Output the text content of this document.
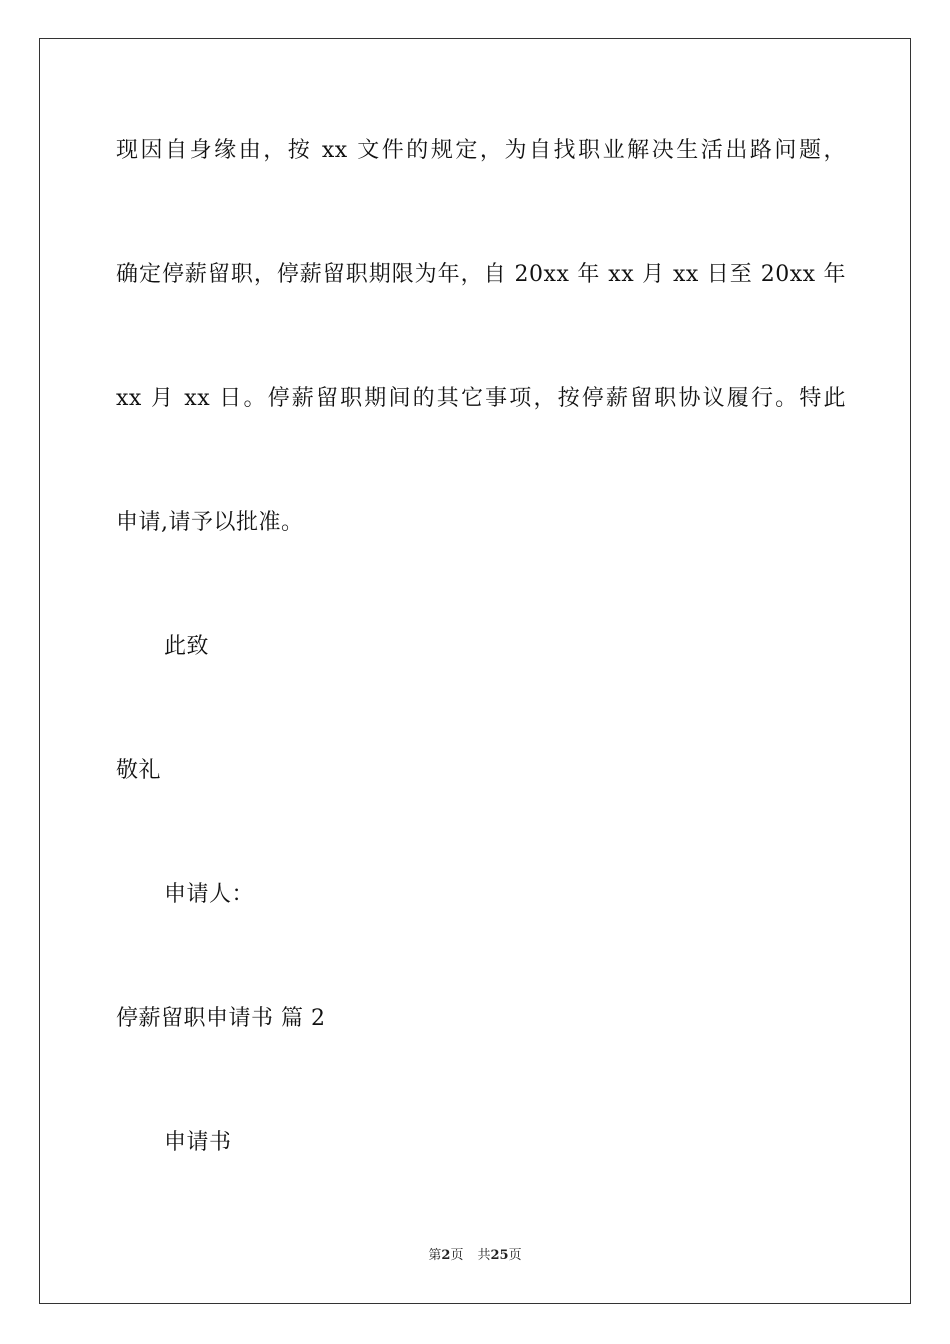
现因自身缘由，按 xx 文件的规定，为自找职业解决生活出路问题，
确定停薪留职，停薪留职期限为年，自 20xx 年 xx 月 xx 日至 20xx 年
xx 月 xx 日。停薪留职期间的其它事项，按停薪留职协议履行。特此
申请,请予以批准。
此致
敬礼
申请人：
停薪留职申请书 篇 2
申请书
第2页 共25页
